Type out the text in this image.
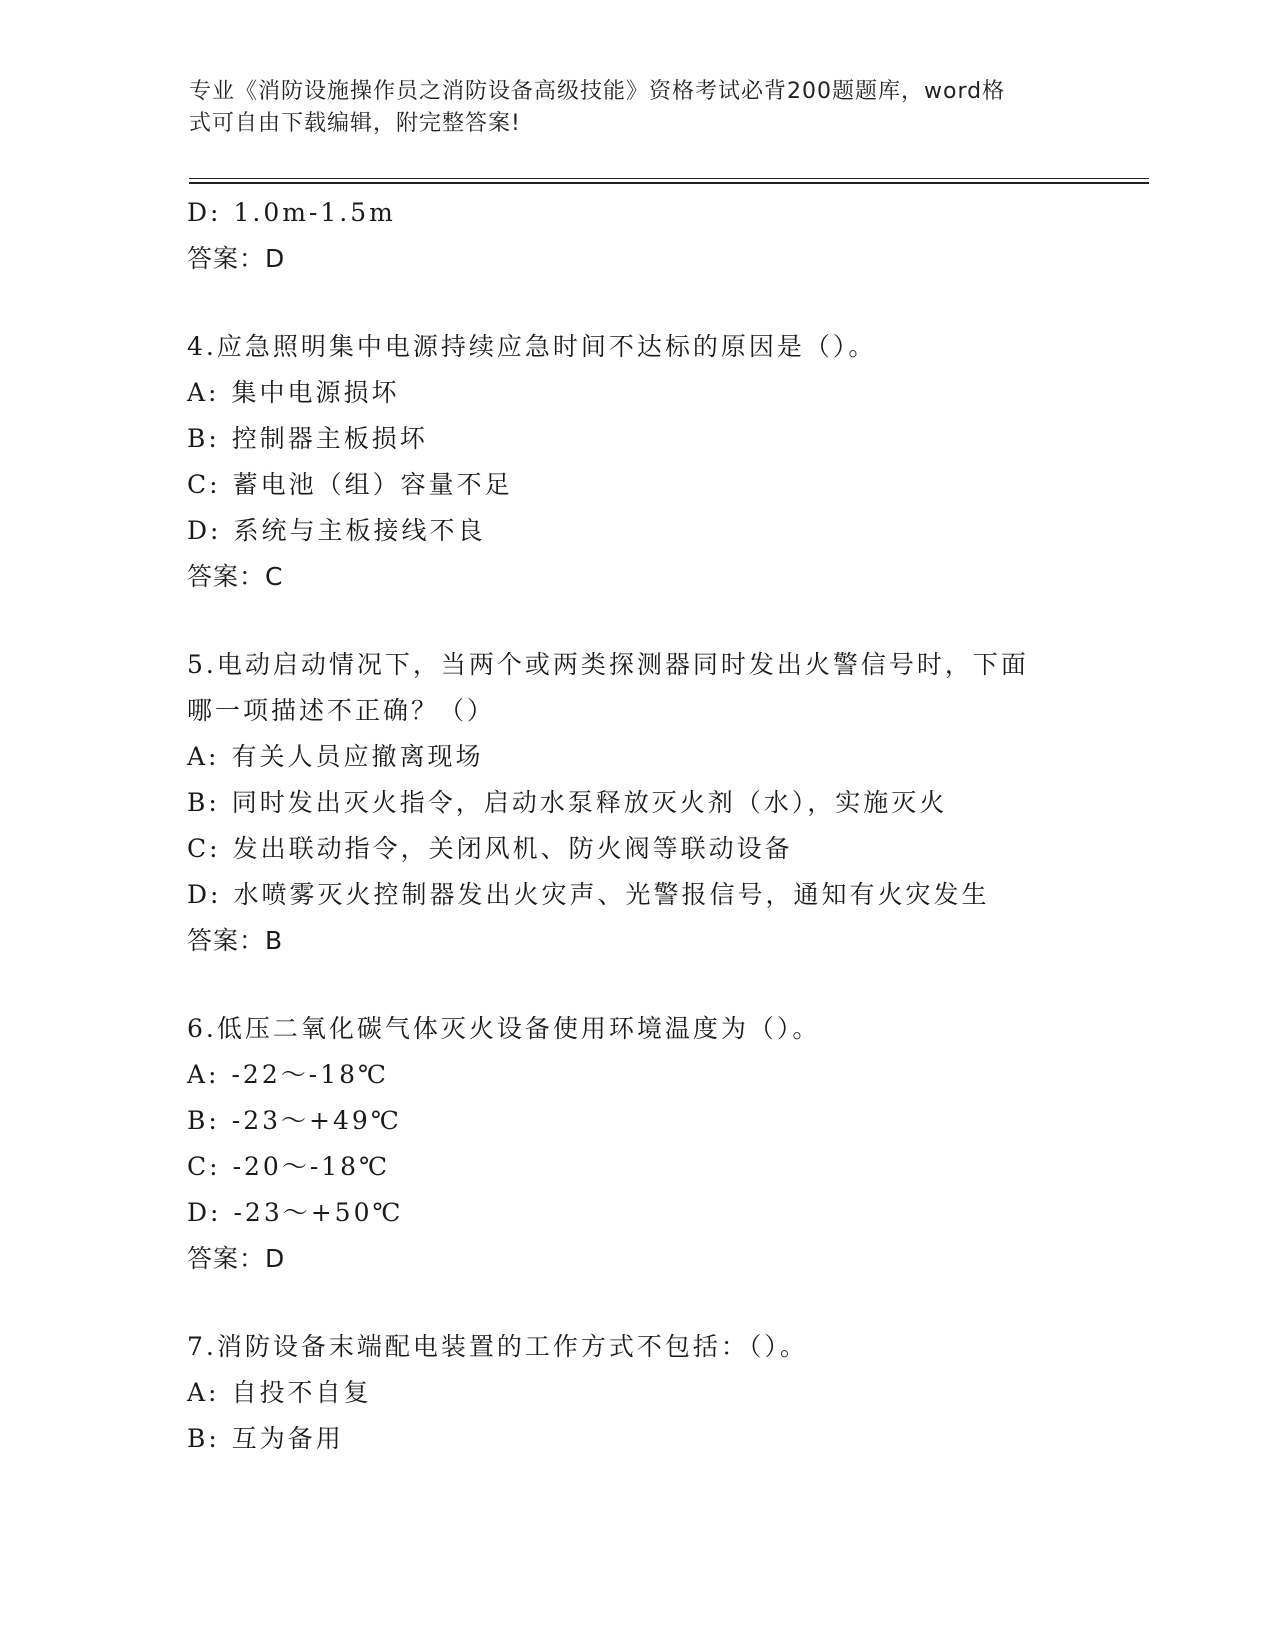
专业《消防设施操作员之消防设备高级技能》资格考试必背200题题库，word格
式可自由下载编辑，附完整答案!
D: 1.0m-1.5m
答案：D
4.应急照明集中电源持续应急时间不达标的原因是（）。
A: 集中电源损坏
B: 控制器主板损坏
C: 蓄电池（组）容量不足
D: 系统与主板接线不良
答案：C
5.电动启动情况下，当两个或两类探测器同时发出火警信号时，下面
哪一项描述不正确？（）
A: 有关人员应撤离现场
B: 同时发出灭火指令，启动水泵释放灭火剂（水），实施灭火
C: 发出联动指令，关闭风机、防火阀等联动设备
D: 水喷雾灭火控制器发出火灾声、光警报信号，通知有火灾发生
答案：B
6.低压二氧化碳气体灭火设备使用环境温度为（）。
A: -22～-18℃
B: -23～+49℃
C: -20～-18℃
D: -23～+50℃
答案：D
7.消防设备末端配电装置的工作方式不包括：（）。
A: 自投不自复
B: 互为备用
